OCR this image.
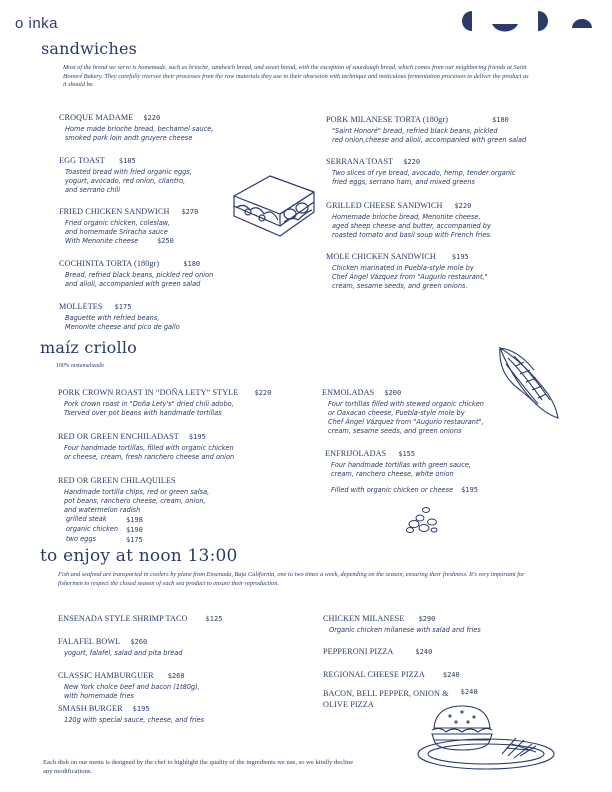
o inka
sandwiches
Most of the bread we serve is homemade, such as brioche, sandwich bread, and sweet bread, with the exception of sourdough bread, which comes from our neighboring friends at Saint Honoré Bakery. They carefully oversee their processes from the raw materials they use to their obsession with technique and meticulous fermentation processes to deliver the product as it should be.
CROQUE MADAME $220
Home made brioche bread, bechamel sauce,
smoked pork loin andt gruyere cheese
EGG TOAST $185
Toasted bread with fried organic eggs,
yogurt, avocado, red onion, cilantro,
and serrano chili
FRIED CHICKEN SANDWICH $270
Fried organic chicken, coleslaw,
and homemade Sriracha sauce
With Menonite cheese	$250
COCHINITA TORTA (180gr)	$180
Bread, refried black beans, pickled red onion
and alioli, accompanied with green salad
MOLLETES $175
Baguette with refried beans,
Menonite cheese and pico de gallo
PORK MILANESE TORTA (180gr)	$180
"Saint Honoré" bread, refried black beans, pickled
red onion,cheese and alioli, accompanied with green salad
SERRANA TOAST $220
Two slices of rye bread, avocado, hemp, tender organic
fried eggs, serrano ham, and mixed greens
GRILLED CHEESE SANDWICH $220
Homemade brioche bread, Menonite cheese,
aged sheep cheese and butter, accompanied by
roasted tomato and basil soup with French fries.
MOLE CHICKEN SANDWICH $195
Chicken marinated in Puebla-style mole by
Chef Ángel Vázquez from "Augurio restaurant,"
cream, sesame seeds, and green onions.
maíz criollo
100% nixtamalizado
PORK CROWN ROAST IN “DOÑA LETY” STYLE $220
Pork crown roast in "Doña Lety's" dried chili adobo,
Tserved over pot beans with handmade tortillas
RED OR GREEN ENCHILADAST $195
Four handmade tortillas, filled with organic chicken
or cheese, cream, fresh ranchero cheese and onion
RED OR GREEN CHILAQUILES
Handmade tortilla chips, red or green salsa,
pot beans, ranchero cheese, cream, onion,
and watermelon radish
grilled steak	$198
organic chicken $190
two eggs	$175
ENMOLADAS $200
Four tortillas filled with stewed organic chicken
or Oaxacan cheese, Puebla-style mole by
Chef Ángel Vázquez from "Augurio restaurant",
cream, sesame seeds, and green onions
ENFRIJOLADAS $155
Four handmade tortillas with green sauce,
cream, ranchero cheese, white onion
Filled with organic chicken or cheese $195
to enjoy at noon 13:00
Fish and seafood are transported in coolers by plane from Ensenada, Baja California, one to two times a week, depending on the season, ensuring their freshness. It's very important for fishermen to respect the closed season of each sea product to ensure their reproduction.
ENSENADA STYLE SHRIMP TACO	$125
FALAFEL BOWL $260
yogurt, falafel, salad and pita bread
CLASSIC HAMBURGUER $260
New York choice beef and bacon (1t80g),
with homemade fries
SMASH BURGER $195
120g with special sauce, cheese, and fries
CHICKEN MILANESE $290
Organic chicken milanese with salad and fries
PEPPERONI PIZZA	$240
REGIONAL CHEESE PIZZA	$240
BACON, BELL PEPPER, ONION &
OLIVE PIZZA $^{\$240}$
Each dish on our menu is designed by the chef to highlight the quality of the ingredients we use, so we kindly decline any modifications.
